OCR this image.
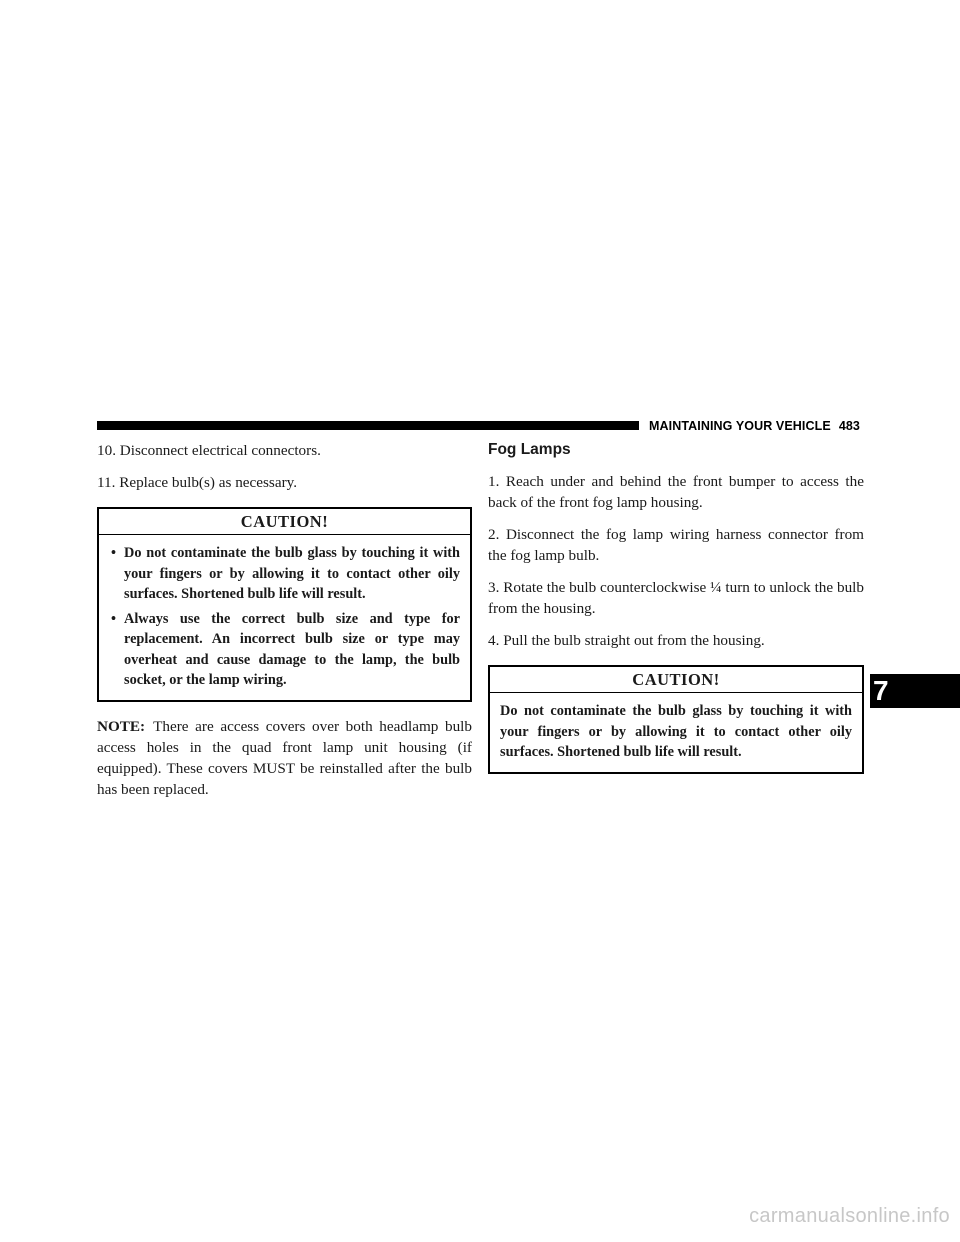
MAINTAINING YOUR VEHICLE 483

10. Disconnect electrical connectors.

11. Replace bulb(s) as necessary.

CAUTION!
• Do not contaminate the bulb glass by touching it with your fingers or by allowing it to contact other oily surfaces. Shortened bulb life will result.
• Always use the correct bulb size and type for replacement. An incorrect bulb size or type may overheat and cause damage to the lamp, the bulb socket, or the lamp wiring.

NOTE: There are access covers over both headlamp bulb access holes in the quad front lamp unit housing (if equipped). These covers MUST be reinstalled after the bulb has been replaced.

Fog Lamps

1. Reach under and behind the front bumper to access the back of the front fog lamp housing.

2. Disconnect the fog lamp wiring harness connector from the fog lamp bulb.

3. Rotate the bulb counterclockwise ¼ turn to unlock the bulb from the housing.

4. Pull the bulb straight out from the housing.

CAUTION!

Do not contaminate the bulb glass by touching it with your fingers or by allowing it to contact other oily surfaces. Shortened bulb life will result.

7
carmanualsonline.info
